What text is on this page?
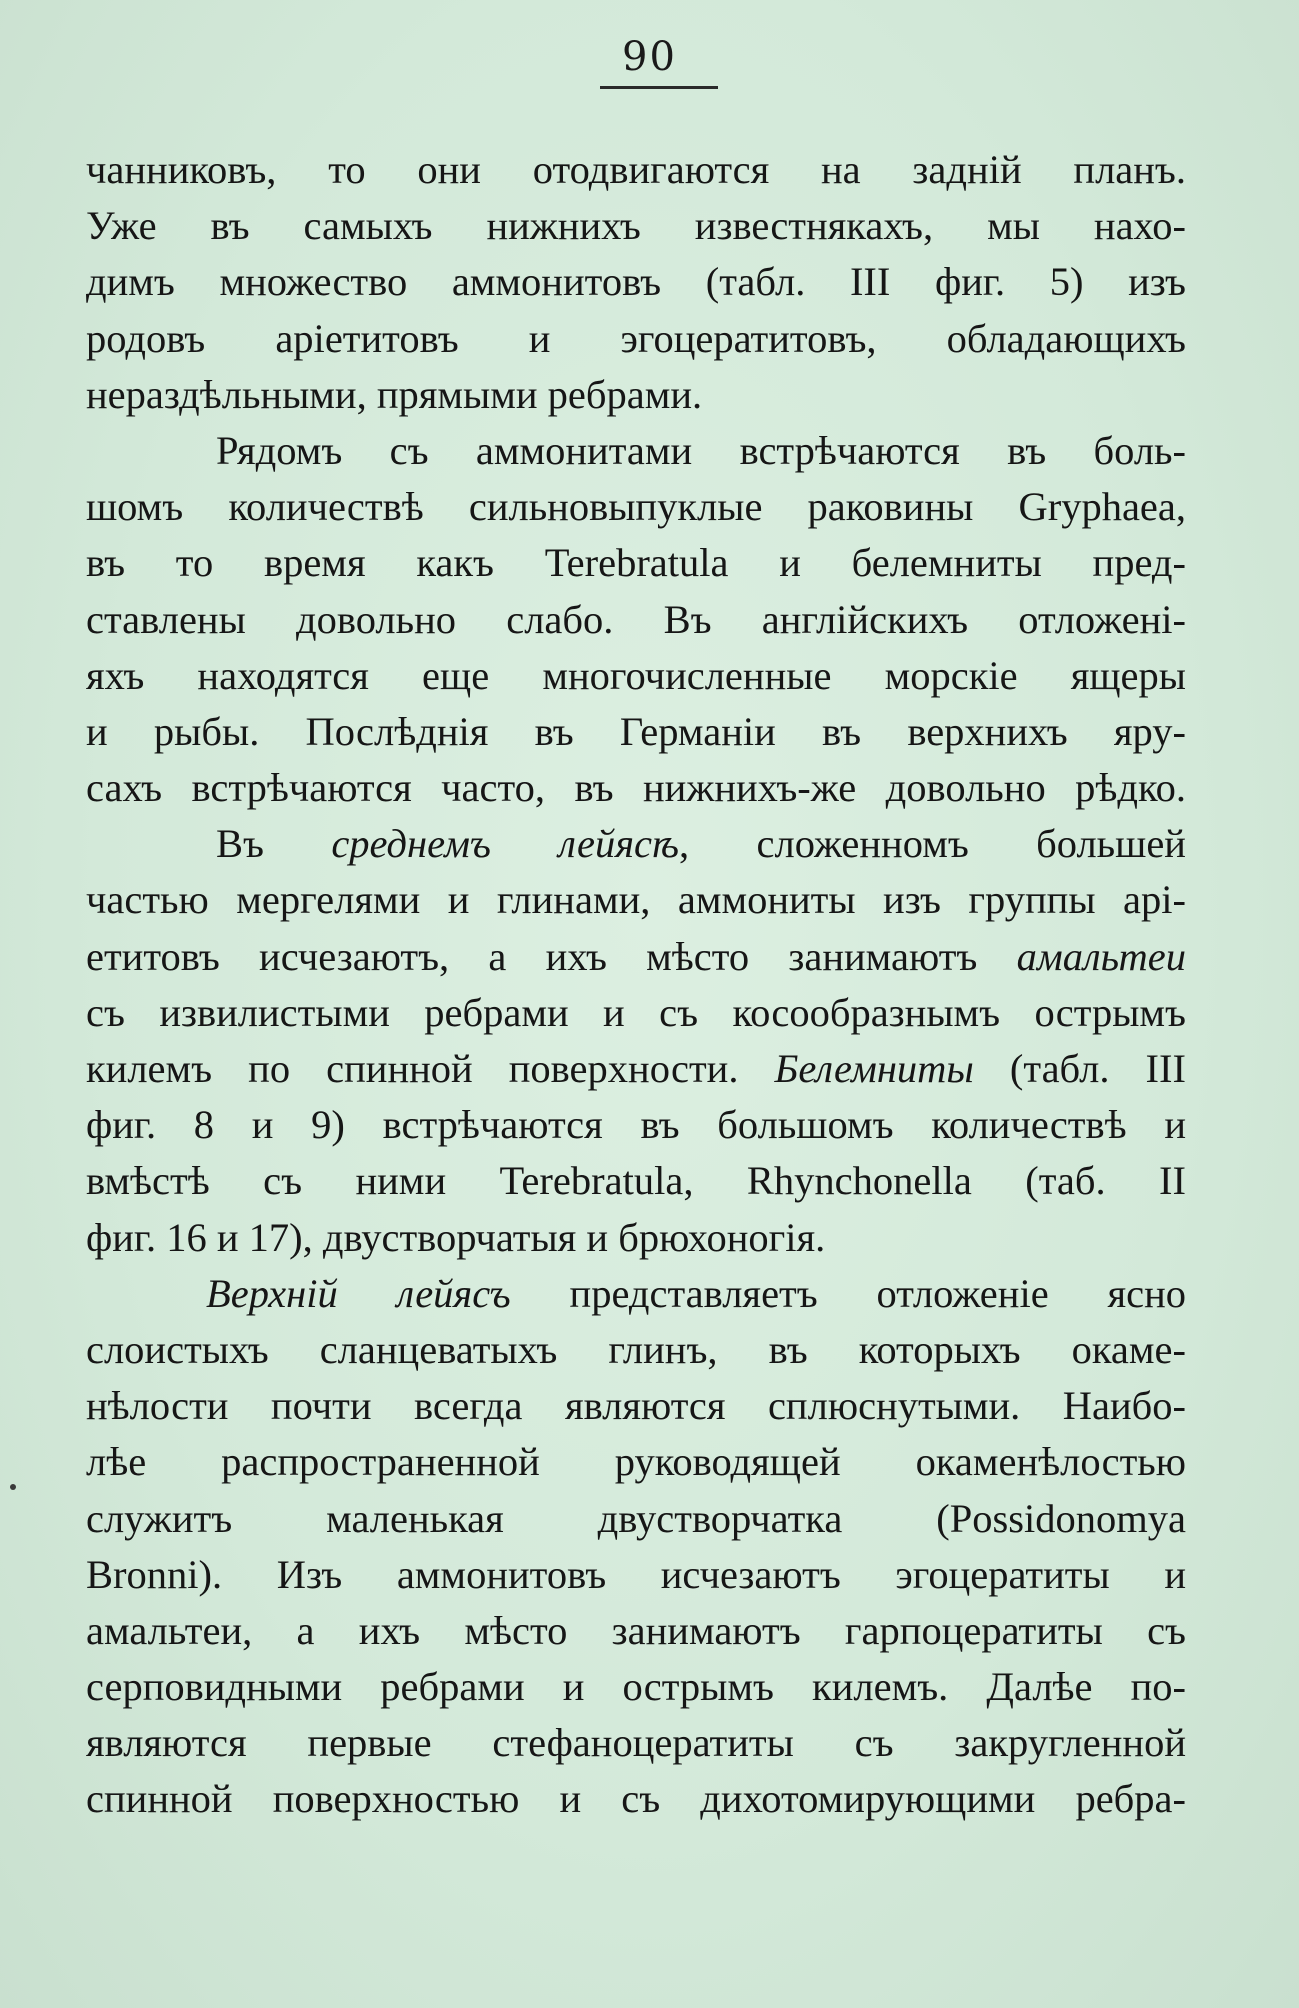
90
чанниковъ, то они отодвигаются на заднiй планъ.
Уже въ самыхъ нижнихъ известнякахъ, мы нахо-
димъ множество аммонитовъ (табл. III фиг. 5) изъ
родовъ арiетитовъ и эгоцератитовъ, обладающихъ
нераздѣльными, прямыми ребрами.
Рядомъ съ аммонитами встрѣчаются въ боль-
шомъ количествѣ сильновыпуклые раковины Gryphaea,
въ то время какъ Terebratula и белемниты пред-
ставлены довольно слабо. Въ англiйскихъ отложенi-
яхъ находятся еще многочисленные морскiе ящеры
и рыбы. Послѣднiя въ Германiи въ верхнихъ яру-
сахъ встрѣчаются часто, въ нижнихъ-же довольно рѣдко.
Въ среднемъ лейясѣ, сложенномъ большей
частью мергелями и глинами, аммониты изъ группы арi-
етитовъ исчезаютъ, а ихъ мѣсто занимаютъ амальтеи
съ извилистыми ребрами и съ косообразнымъ острымъ
килемъ по спинной поверхности. Белемниты (табл. III
фиг. 8 и 9) встрѣчаются въ большомъ количествѣ и
вмѣстѣ съ ними Terebratula, Rhynchonella (таб. II
фиг. 16 и 17), двустворчатыя и брюхоногiя.
Верхнiй лейясъ представляетъ отложенiе ясно
слоистыхъ сланцеватыхъ глинъ, въ которыхъ окаме-
нѣлости почти всегда являются сплюснутыми. Наибо-
лѣе распространенной руководящей окаменѣлостью
служитъ маленькая двустворчатка (Possidonomya
Bronni). Изъ аммонитовъ исчезаютъ эгоцератиты и
амальтеи, а ихъ мѣсто занимаютъ гарпоцератиты съ
серповидными ребрами и острымъ килемъ. Далѣе по-
являются первые стефаноцератиты съ закругленной
спинной поверхностью и съ дихотомирующими ребра-
